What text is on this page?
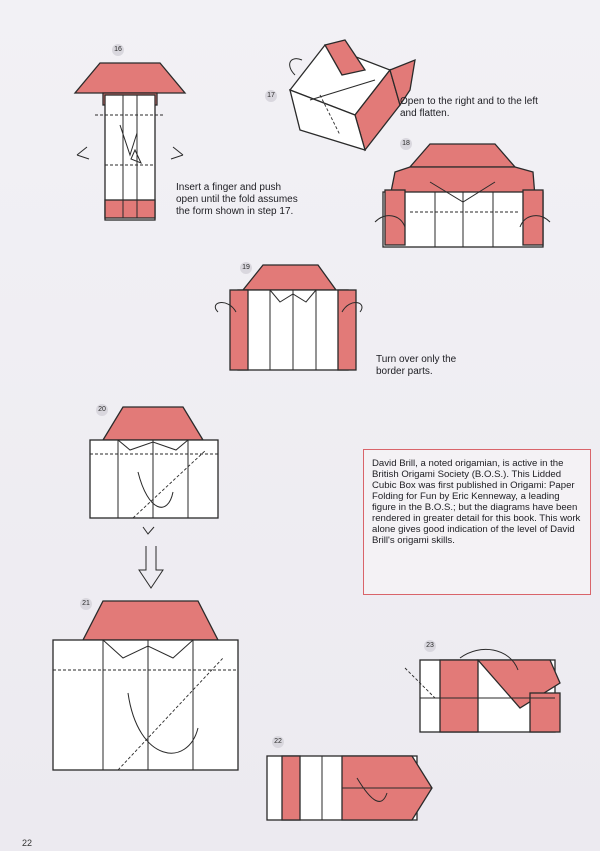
16

Insert a finger and push open until the fold assumes the form shown in step 17.

17

Open to the right and to the left and flatten.

18
19

Turn over only the border parts.

20
21

David Brill, a noted origamian, is active in the British Origami Society (B.O.S.). This Lidded Cubic Box was first published in Origami: Paper Folding for Fun by Eric Kenneway, a leading figure in the B.O.S.; but the diagrams have been rendered in greater detail for this book. This work alone gives good indication of the level of David Brill's origami skills.

23
22
22
